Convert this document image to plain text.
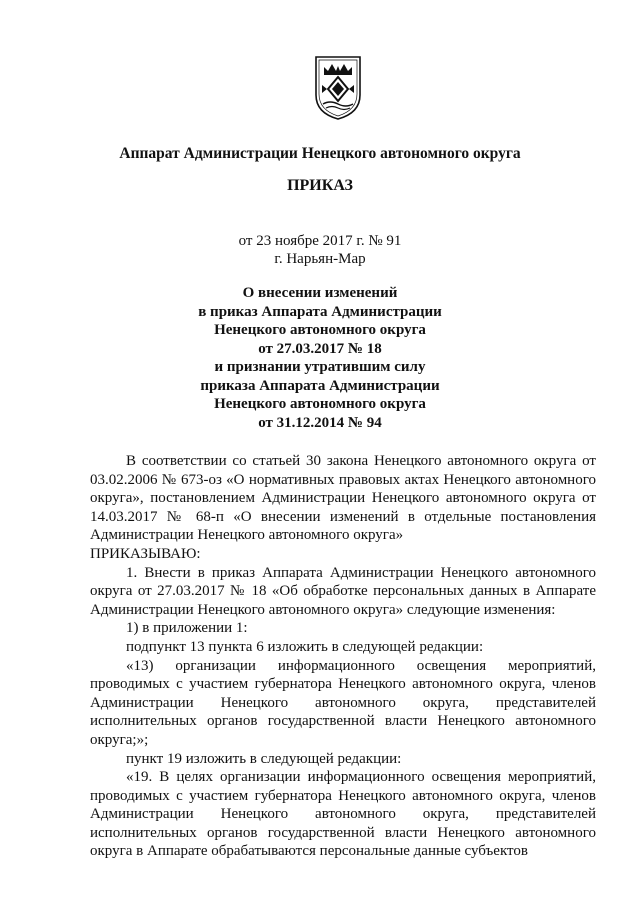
Аппарат Администрации Ненецкого автономного округа
ПРИКАЗ
от 23 ноябре 2017 г. № 91
г. Нарьян-Мар
О внесении изменений
в приказ Аппарата Администрации
Ненецкого автономного округа
от 27.03.2017 № 18
и признании утратившим силу
приказа Аппарата Администрации
Ненецкого автономного округа
от 31.12.2014 № 94

В соответствии со статьей 30 закона Ненецкого автономного округа от 03.02.2006 № 673-оз «О нормативных правовых актах Ненецкого автономного округа», постановлением Администрации Ненецкого автономного округа от 14.03.2017 № 68-п «О внесении изменений в отдельные постановления Администрации Ненецкого автономного округа»

ПРИКАЗЫВАЮ:

1. Внести в приказ Аппарата Администрации Ненецкого автономного округа от 27.03.2017 № 18 «Об обработке персональных данных в Аппарате Администрации Ненецкого автономного округа» следующие изменения:

1) в приложении 1:

подпункт 13 пункта 6 изложить в следующей редакции:

«13) организации информационного освещения мероприятий, проводимых с участием губернатора Ненецкого автономного округа, членов Администрации Ненецкого автономного округа, представителей исполнительных органов государственной власти Ненецкого автономного округа;»;

пункт 19 изложить в следующей редакции:

«19. В целях организации информационного освещения мероприятий, проводимых с участием губернатора Ненецкого автономного округа, членов Администрации Ненецкого автономного округа, представителей исполнительных органов государственной власти Ненецкого автономного округа в Аппарате обрабатываются персональные данные субъектов
